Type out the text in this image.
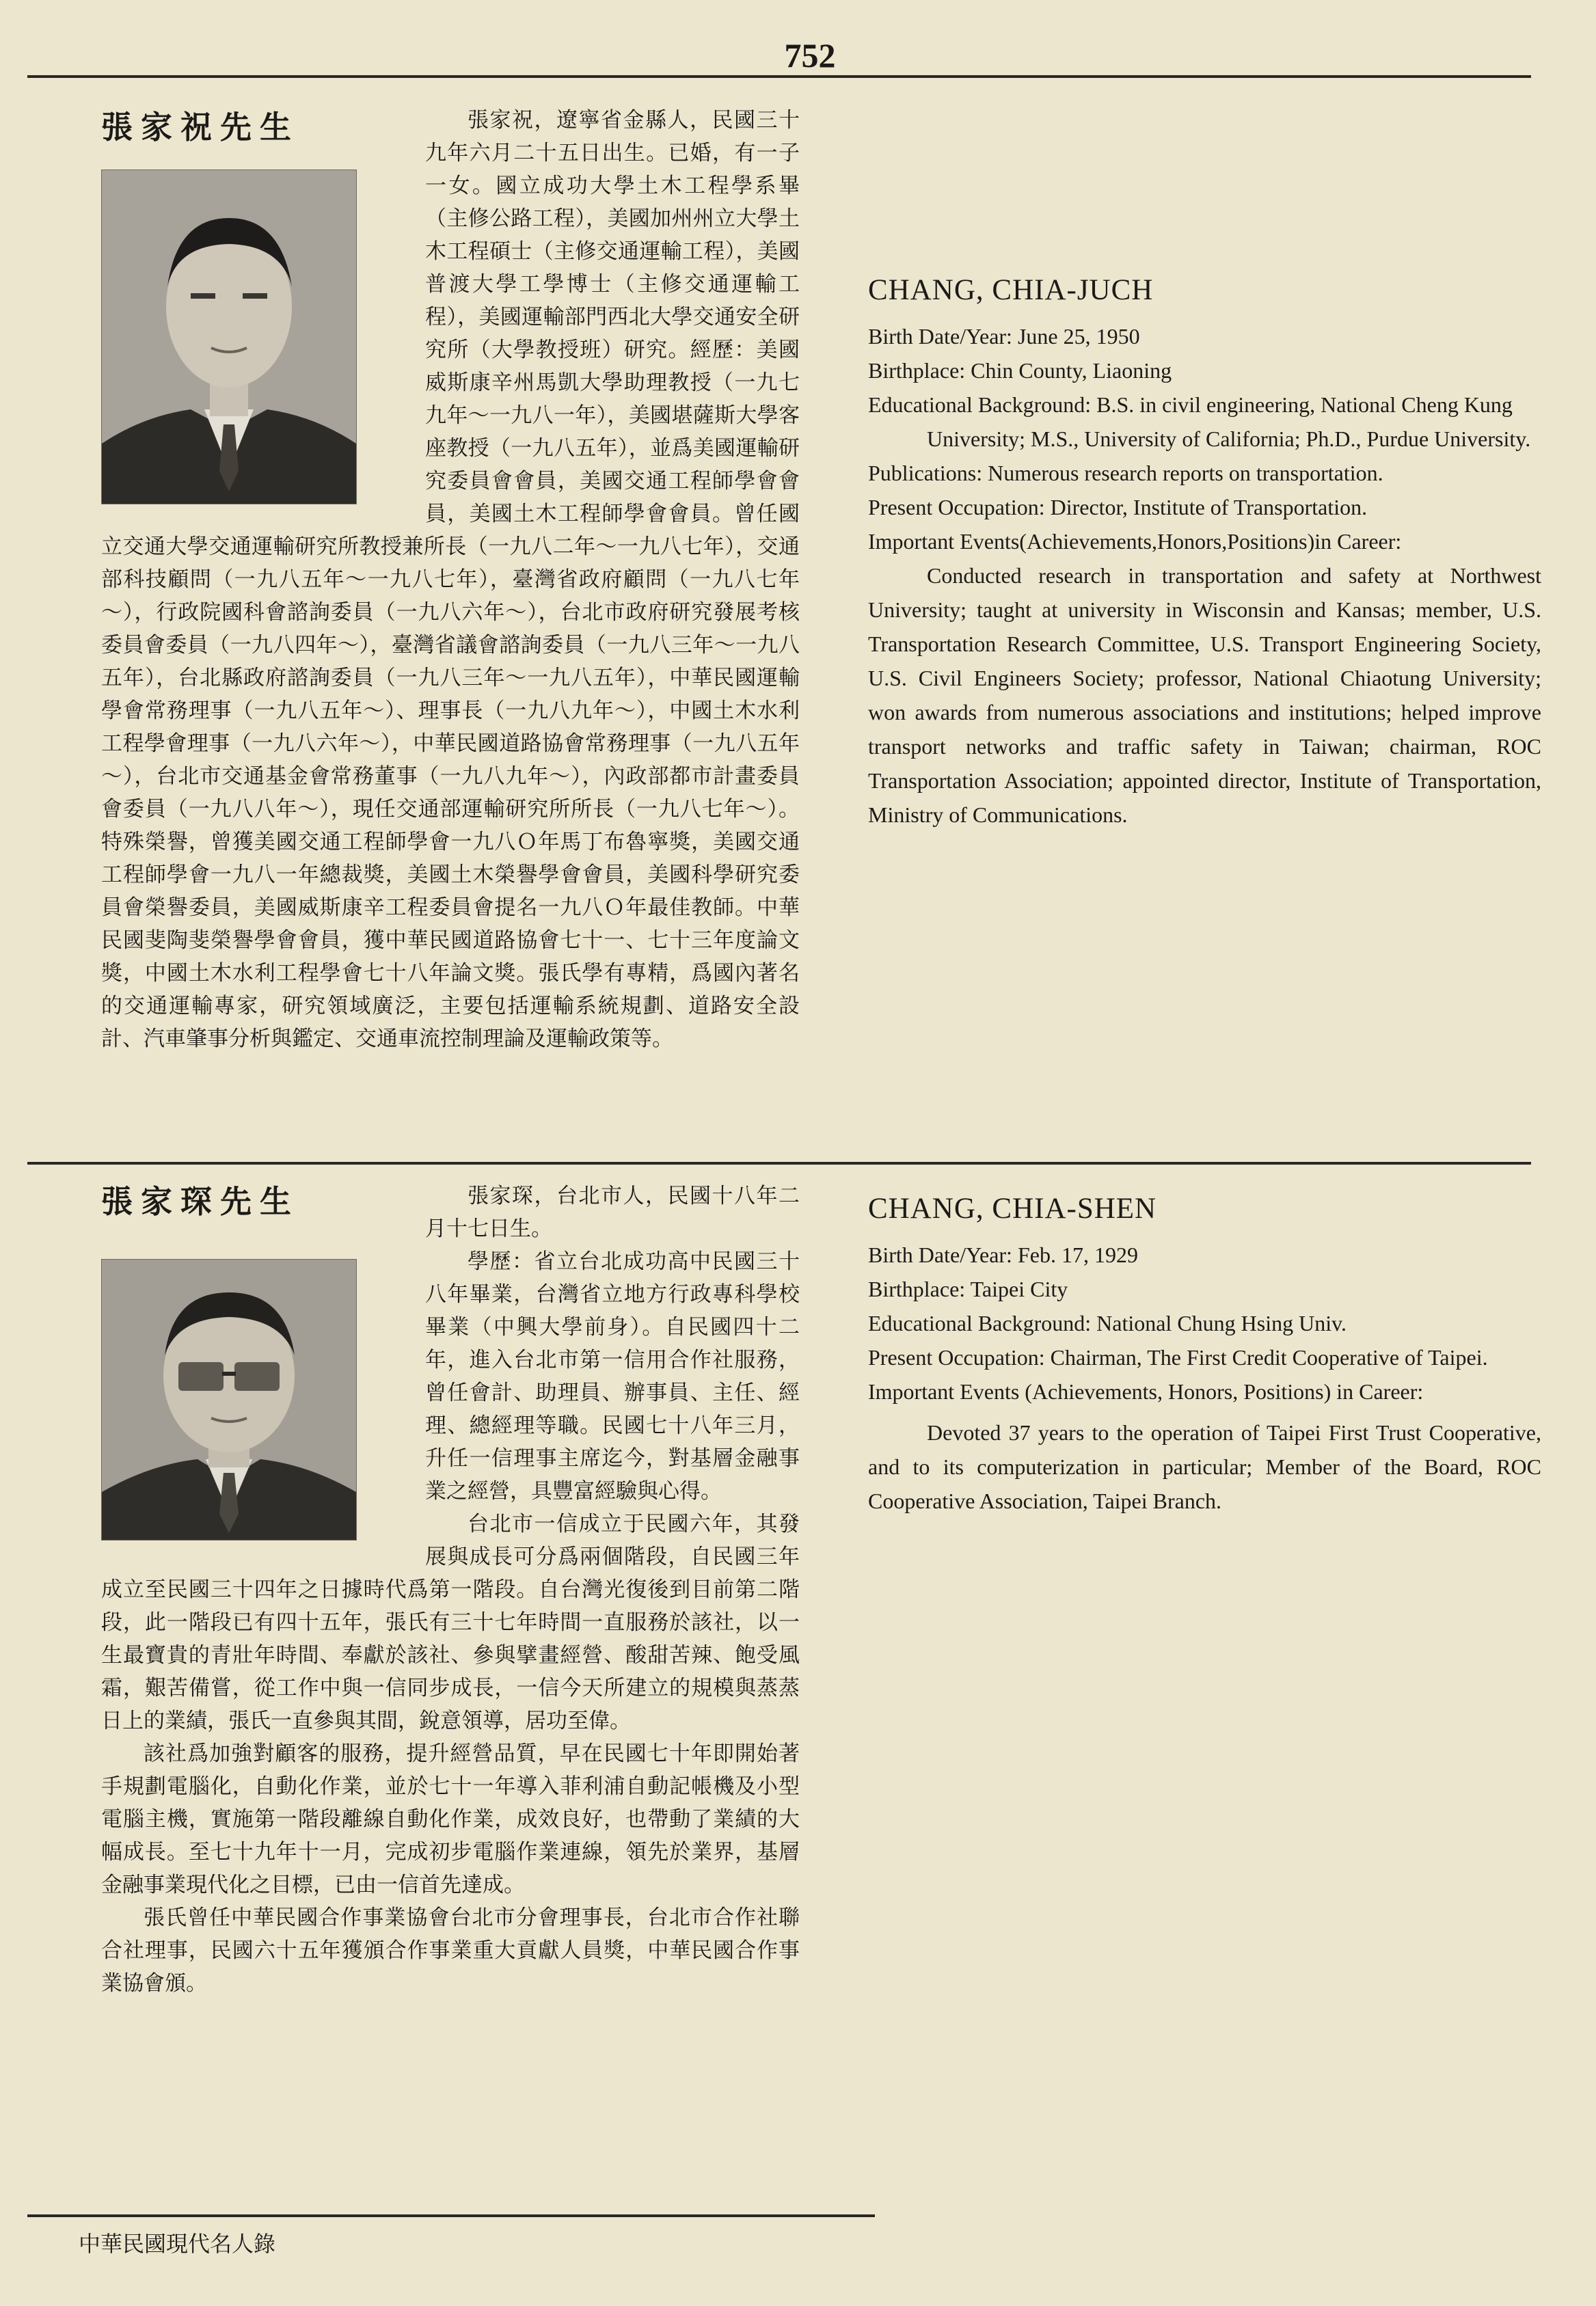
752
張家祝先生	張家祝，遼寧省金縣人，民國三十九年六月二十五日出生。已婚，有一子一女。國立成功大學土木工程學系畢（主修公路工程），美國加州州立大學土木工程碩士（主修交通運輸工程），美國普渡大學工學博士（主修交通運輸工程），美國運輸部門西北大學交通安全研究所（大學教授班）研究。經歷：美國威斯康辛州馬凱大學助理教授（一九七九年～一九八一年），美國堪薩斯大學客座教授（一九八五年），並爲美國運輸研究委員會會員，美國交通工程師學會會員，美國土木工程師學會會員。曾任國立交通大學交通運輸研究所教授兼所長（一九八二年～一九八七年），交通部科技顧問（一九八五年～一九八七年），臺灣省政府顧問（一九八七年～），行政院國科會諮詢委員（一九八六年～），台北市政府研究發展考核委員會委員（一九八四年～），臺灣省議會諮詢委員（一九八三年～一九八五年），台北縣政府諮詢委員（一九八三年～一九八五年），中華民國運輸學會常務理事（一九八五年～）、理事長（一九八九年～），中國土木水利工程學會理事（一九八六年～），中華民國道路協會常務理事（一九八五年～），台北市交通基金會常務董事（一九八九年～），內政部都市計畫委員會委員（一九八八年～），現任交通部運輸研究所所長（一九八七年～）。特殊榮譽，曾獲美國交通工程師學會一九八Ｏ年馬丁布魯寧獎，美國交通工程師學會一九八一年總裁獎，美國土木榮譽學會會員，美國科學研究委員會榮譽委員，美國威斯康辛工程委員會提名一九八Ｏ年最佳教師。中華民國斐陶斐榮譽學會會員，獲中華民國道路協會七十一、七十三年度論文獎，中國土木水利工程學會七十八年論文獎。張氏學有專精，爲國內著名的交通運輸專家，研究領域廣泛，主要包括運輸系統規劃、道路安全設計、汽車肇事分析與鑑定、交通車流控制理論及運輸政策等。

CHANG, CHIA-JUCH

Birth Date/Year: June 25, 1950

Birthplace: Chin County, Liaoning

Educational Background: B.S. in civil engineering, National Cheng Kung University; M.S., University of California; Ph.D., Purdue University.

Publications: Numerous research reports on transportation.

Present Occupation: Director, Institute of Transportation.

Important Events(Achievements,Honors,Positions)in Career:

Conducted research in transportation and safety at Northwest University; taught at university in Wisconsin and Kansas; member, U.S. Transportation Research Committee, U.S. Transport Engineering Society, U.S. Civil Engineers Society; professor, National Chiaotung University; won awards from numerous associations and institutions; helped improve transport networks and traffic safety in Taiwan; chairman, ROC Transportation Association; appointed director, Institute of Transportation, Ministry of Communications.

張家琛先生	張家琛，台北市人，民國十八年二月十七日生。

學歷：省立台北成功高中民國三十八年畢業，台灣省立地方行政專科學校畢業（中興大學前身）。自民國四十二年，進入台北市第一信用合作社服務，曾任會計、助理員、辦事員、主任、經理、總經理等職。民國七十八年三月，升任一信理事主席迄今，對基層金融事業之經營，具豐富經驗與心得。

台北市一信成立于民國六年，其發展與成長可分爲兩個階段，自民國三年成立至民國三十四年之日據時代爲第一階段。自台灣光復後到目前第二階段，此一階段已有四十五年，張氏有三十七年時間一直服務於該社，以一生最寶貴的青壯年時間、奉獻於該社、參與擘畫經營、酸甜苦辣、飽受風霜，艱苦備嘗，從工作中與一信同步成長，一信今天所建立的規模與蒸蒸日上的業績，張氏一直參與其間，銳意領導，居功至偉。

該社爲加強對顧客的服務，提升經營品質，早在民國七十年即開始著手規劃電腦化，自動化作業，並於七十一年導入菲利浦自動記帳機及小型電腦主機，實施第一階段離線自動化作業，成效良好，也帶動了業績的大幅成長。至七十九年十一月，完成初步電腦作業連線，領先於業界，基層金融事業現代化之目標，已由一信首先達成。

張氏曾任中華民國合作事業協會台北市分會理事長，台北市合作社聯合社理事，民國六十五年獲頒合作事業重大貢獻人員獎，中華民國合作事業協會頒。

CHANG, CHIA-SHEN

Birth Date/Year: Feb. 17, 1929

Birthplace: Taipei City

Educational Background: National Chung Hsing Univ.

Present Occupation: Chairman, The First Credit Cooperative of Taipei.

Important Events (Achievements, Honors, Positions) in Career:

Devoted 37 years to the operation of Taipei First Trust Cooperative, and to its computerization in particular; Member of the Board, ROC Cooperative Association, Taipei Branch.

中華民國現代名人錄
